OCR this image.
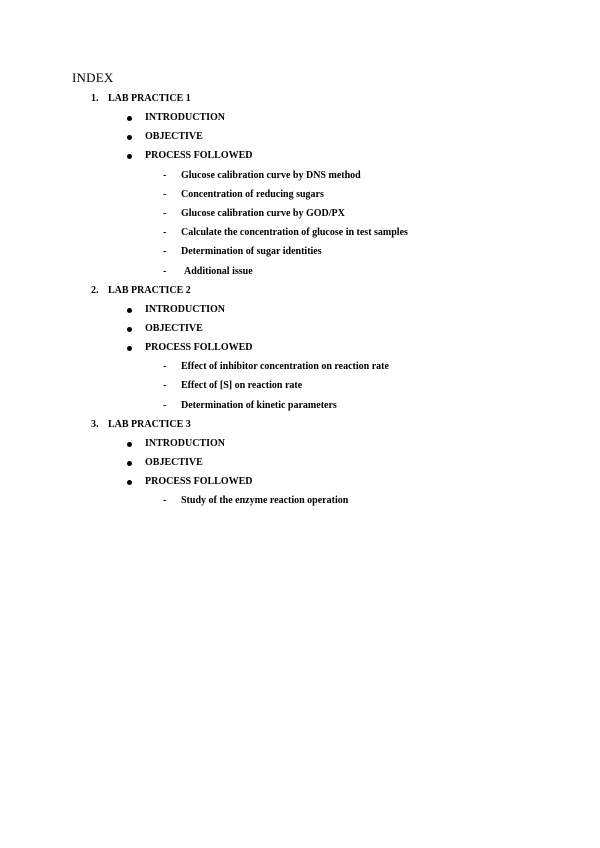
INDEX
1. LAB PRACTICE 1
INTRODUCTION
OBJECTIVE
PROCESS FOLLOWED
- Glucose calibration curve by DNS method
- Concentration of reducing sugars
- Glucose calibration curve by GOD/PX
- Calculate the concentration of glucose in test samples
- Determination of sugar identities
- Additional issue
2. LAB PRACTICE 2
INTRODUCTION
OBJECTIVE
PROCESS FOLLOWED
- Effect of inhibitor concentration on reaction rate
- Effect of [S] on reaction rate
- Determination of kinetic parameters
3. LAB PRACTICE 3
INTRODUCTION
OBJECTIVE
PROCESS FOLLOWED
- Study of the enzyme reaction operation
